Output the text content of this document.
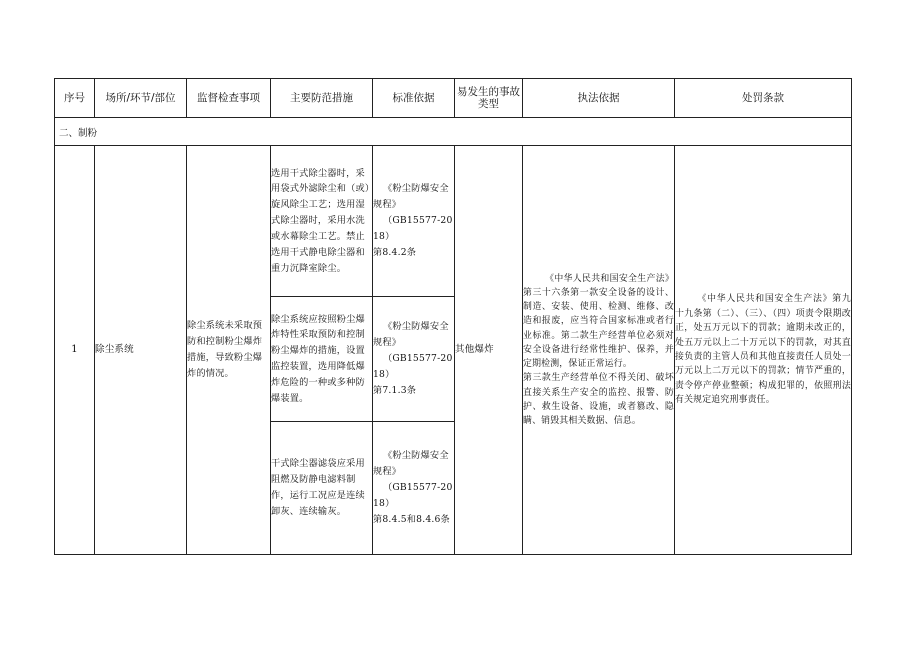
序号	场所/环节/部位	监督检查事项	主要防范措施	标准依据	易发生的事故类型	执法依据	处罚条款
二、制粉							
1	除尘系统	除尘系统未采取预防和控制粉尘爆炸措施，导致粉尘爆炸的情况。	选用干式除尘器时，采用袋式外滤除尘和（或）旋风除尘工艺；选用湿式除尘器时，采用水洗或水幕除尘工艺。禁止选用干式静电除尘器和重力沉降室除尘。	《粉尘防爆安全规程》
（GB15577-2018）
第8.4.2条	其他爆炸	《中华人民共和国安全生产法》第三十六条第一款安全设备的设计、制造、安装、使用、检测、维修、改造和报废，应当符合国家标准或者行业标准。第二款生产经营单位必须对安全设备进行经常性维护、保养，并定期检测，保证正常运行。
第三款生产经营单位不得关闭、破坏直接关系生产安全的监控、报警、防护、救生设备、设施，或者篡改、隐瞒、销毁其相关数据、信息。	《中华人民共和国安全生产法》第九十九条第（二）、（三）、（四）项责令限期改正，处五万元以下的罚款；逾期未改正的，处五万元以上二十万元以下的罚款，对其直接负责的主管人员和其他直接责任人员处一万元以上二万元以下的罚款；情节严重的，责令停产停业整顿；构成犯罪的，依照刑法有关规定追究刑事责任。

			除尘系统应按照粉尘爆炸特性采取预防和控制粉尘爆炸的措施，设置监控装置，选用降低爆炸危险的一种或多种防爆装置。	《粉尘防爆安全规程》
（GB15577-2018）
第7.1.3条			

			干式除尘器滤袋应采用阻燃及防静电滤料制作，运行工况应是连续卸灰、连续输灰。	《粉尘防爆安全规程》
（GB15577-2018）
第8.4.5和8.4.6条			
